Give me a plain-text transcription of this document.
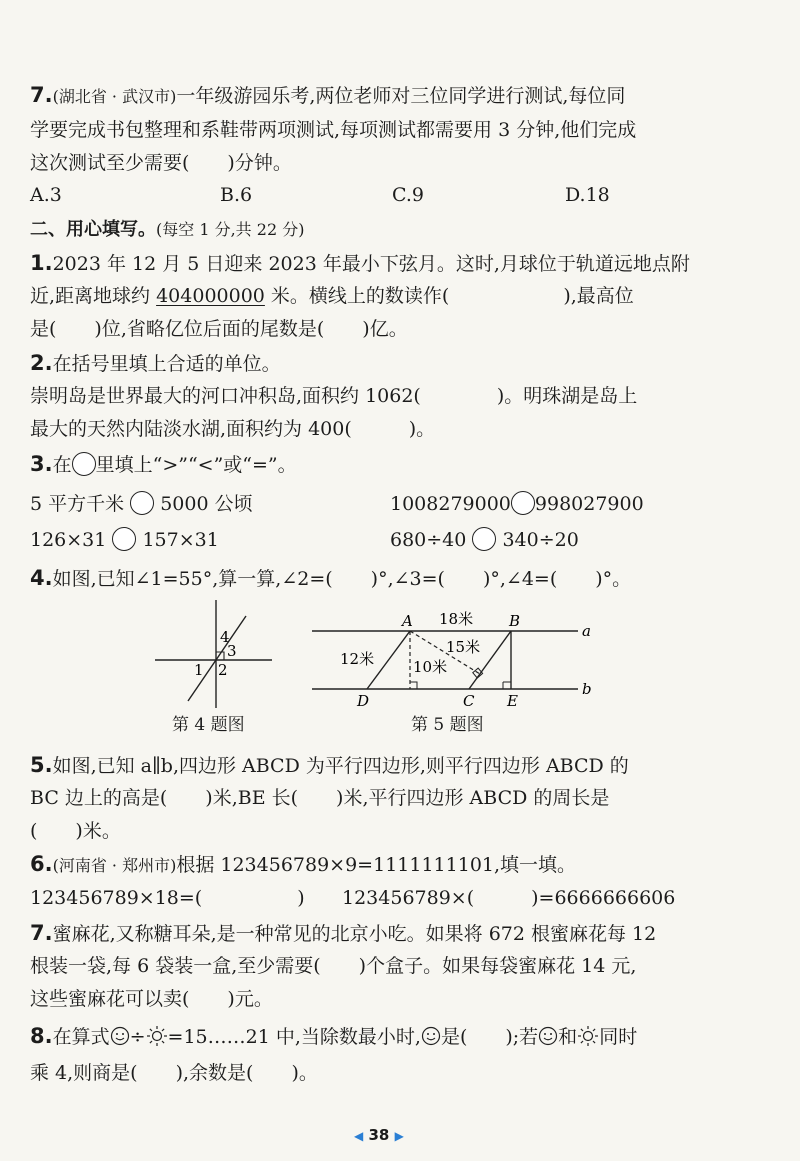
7.(湖北省 · 武汉市)一年级游园乐考,两位老师对三位同学进行测试,每位同
学要完成书包整理和系鞋带两项测试,每项测试都需要用 3 分钟,他们完成
这次测试至少需要(　　)分钟。
A.3	B.6	C.9	D.18
二、用心填写。(每空 1 分,共 22 分)
1.2023 年 12 月 5 日迎来 2023 年最小下弦月。这时,月球位于轨道远地点附
近,距离地球约 404000000 米。横线上的数读作(　　　　　　),最高位
是(　　)位,省略亿位后面的尾数是(　　)亿。
2.在括号里填上合适的单位。
崇明岛是世界最大的河口冲积岛,面积约 1062(　　　　)。明珠湖是岛上
最大的天然内陆淡水湖,面积约为 400(　　　)。
3.在 里填上“>”“<”或“=”。
5 平方千米  5000 公顷	1008279000 998027900
126×31  157×31	680÷40  340÷20
4.如图,已知∠1=55°,算一算,∠2=(　　)°,∠3=(　　)°,∠4=(　　)°。
4
3
1 2
第 4 题图
A	B
D	C E
a
b
18米
15米
12米	10米
第 5 题图
5.如图,已知 a∥b,四边形 ABCD 为平行四边形,则平行四边形 ABCD 的
BC 边上的高是(　　)米,BE 长(　　)米,平行四边形 ABCD 的周长是
(　　)米。
6.(河南省 · 郑州市)根据 123456789×9=1111111101,填一填。
123456789×18=(　　　　　) 123456789×(　　　)=6666666606
7.蜜麻花,又称糖耳朵,是一种常见的北京小吃。如果将 672 根蜜麻花每 12
根装一袋,每 6 袋装一盒,至少需要(　　)个盒子。如果每袋蜜麻花 14 元,
这些蜜麻花可以卖(　　)元。
8.在算式 ÷ =15……21 中,当除数最小时, 是(　　);若 和 同时
乘 4,则商是(　　),余数是(　　)。
◀ 38 ▶
